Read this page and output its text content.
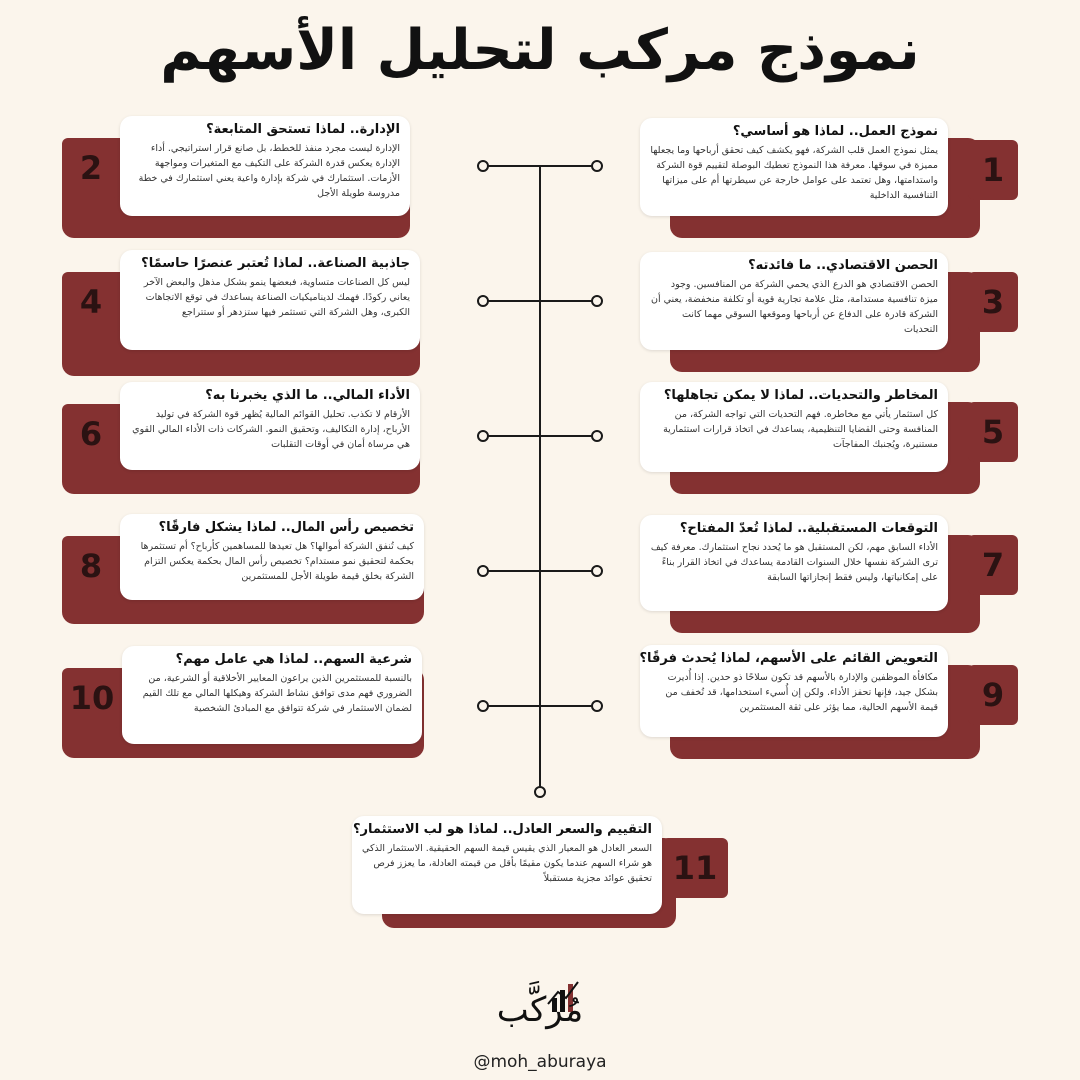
نموذج مركب لتحليل الأسهم
1
نموذج العمل.. لماذا هو أساسي؟

يمثل نموذج العمل قلب الشركة، فهو يكشف كيف تحقق أرباحها وما يجعلها مميزة في سوقها. معرفة هذا النموذج تعطيك البوصلة لتقييم قوة الشركة واستدامتها، وهل تعتمد على عوامل خارجة عن سيطرتها أم على ميزاتها التنافسية الداخلية

3
الحصن الاقتصادي.. ما فائدته؟

الحصن الاقتصادي هو الدرع الذي يحمي الشركة من المنافسين. وجود ميزة تنافسية مستدامة، مثل علامة تجارية قوية أو تكلفة منخفضة، يعني أن الشركة قادرة على الدفاع عن أرباحها وموقعها السوقي مهما كانت التحديات

5
المخاطر والتحديات.. لماذا لا يمكن تجاهلها؟

كل استثمار يأتي مع مخاطره. فهم التحديات التي تواجه الشركة، من المنافسة وحتى القضايا التنظيمية، يساعدك في اتخاذ قرارات استثمارية مستنيرة، ويُجنبك المفاجآت

7
التوقعات المستقبلية.. لماذا تُعدّ المفتاح؟

الأداء السابق مهم، لكن المستقبل هو ما يُحدد نجاح استثمارك. معرفة كيف ترى الشركة نفسها خلال السنوات القادمة يساعدك في اتخاذ القرار بناءً على إمكانياتها، وليس فقط إنجازاتها السابقة

9
التعويض القائم على الأسهم، لماذا يُحدث فرقًا؟

مكافأة الموظفين والإدارة بالأسهم قد تكون سلاحًا ذو حدين. إذا أُديرت بشكل جيد، فإنها تحفز الأداء. ولكن إن أُسيء استخدامها، قد تُخفف من قيمة الأسهم الحالية، مما يؤثر على ثقة المستثمرين

2
الإدارة.. لماذا تستحق المتابعة؟

الإدارة ليست مجرد منفذ للخطط، بل صانع قرار استراتيجي. أداء الإدارة يعكس قدرة الشركة على التكيف مع المتغيرات ومواجهة الأزمات. استثمارك في شركة بإدارة واعية يعني استثمارك في خطة مدروسة طويلة الأجل

4
جاذبية الصناعة.. لماذا تُعتبر عنصرًا حاسمًا؟

ليس كل الصناعات متساوية، فبعضها ينمو بشكل مذهل والبعض الآخر يعاني ركودًا. فهمك لديناميكيات الصناعة يساعدك في توقع الاتجاهات الكبرى، وهل الشركة التي تستثمر فيها ستزدهر أو ستتراجع

6
الأداء المالي.. ما الذي يخبرنا به؟

الأرقام لا تكذب. تحليل القوائم المالية يُظهر قوة الشركة في توليد الأرباح، إدارة التكاليف، وتحقيق النمو. الشركات ذات الأداء المالي القوي هي مرساة أمان في أوقات التقلبات

8
تخصيص رأس المال.. لماذا يشكل فارقًا؟

كيف تُنفق الشركة أموالها؟ هل تعيدها للمساهمين كأرباح؟ أم تستثمرها بحكمة لتحقيق نمو مستدام؟ تخصيص رأس المال بحكمة يعكس التزام الشركة بخلق قيمة طويلة الأجل للمستثمرين

10
شرعية السهم.. لماذا هي عامل مهم؟

بالنسبة للمستثمرين الذين يراعون المعايير الأخلاقية أو الشرعية، من الضروري فهم مدى توافق نشاط الشركة وهيكلها المالي مع تلك القيم لضمان الاستثمار في شركة تتوافق مع المبادئ الشخصية

11
التقييم والسعر العادل.. لماذا هو لب الاستثمار؟

السعر العادل هو المعيار الذي يقيس قيمة السهم الحقيقية. الاستثمار الذكي هو شراء السهم عندما يكون مقيمًا بأقل من قيمته العادلة، ما يعزز فرص تحقيق عوائد مجزية مستقبلاً

مُركَّب
@moh_aburaya
